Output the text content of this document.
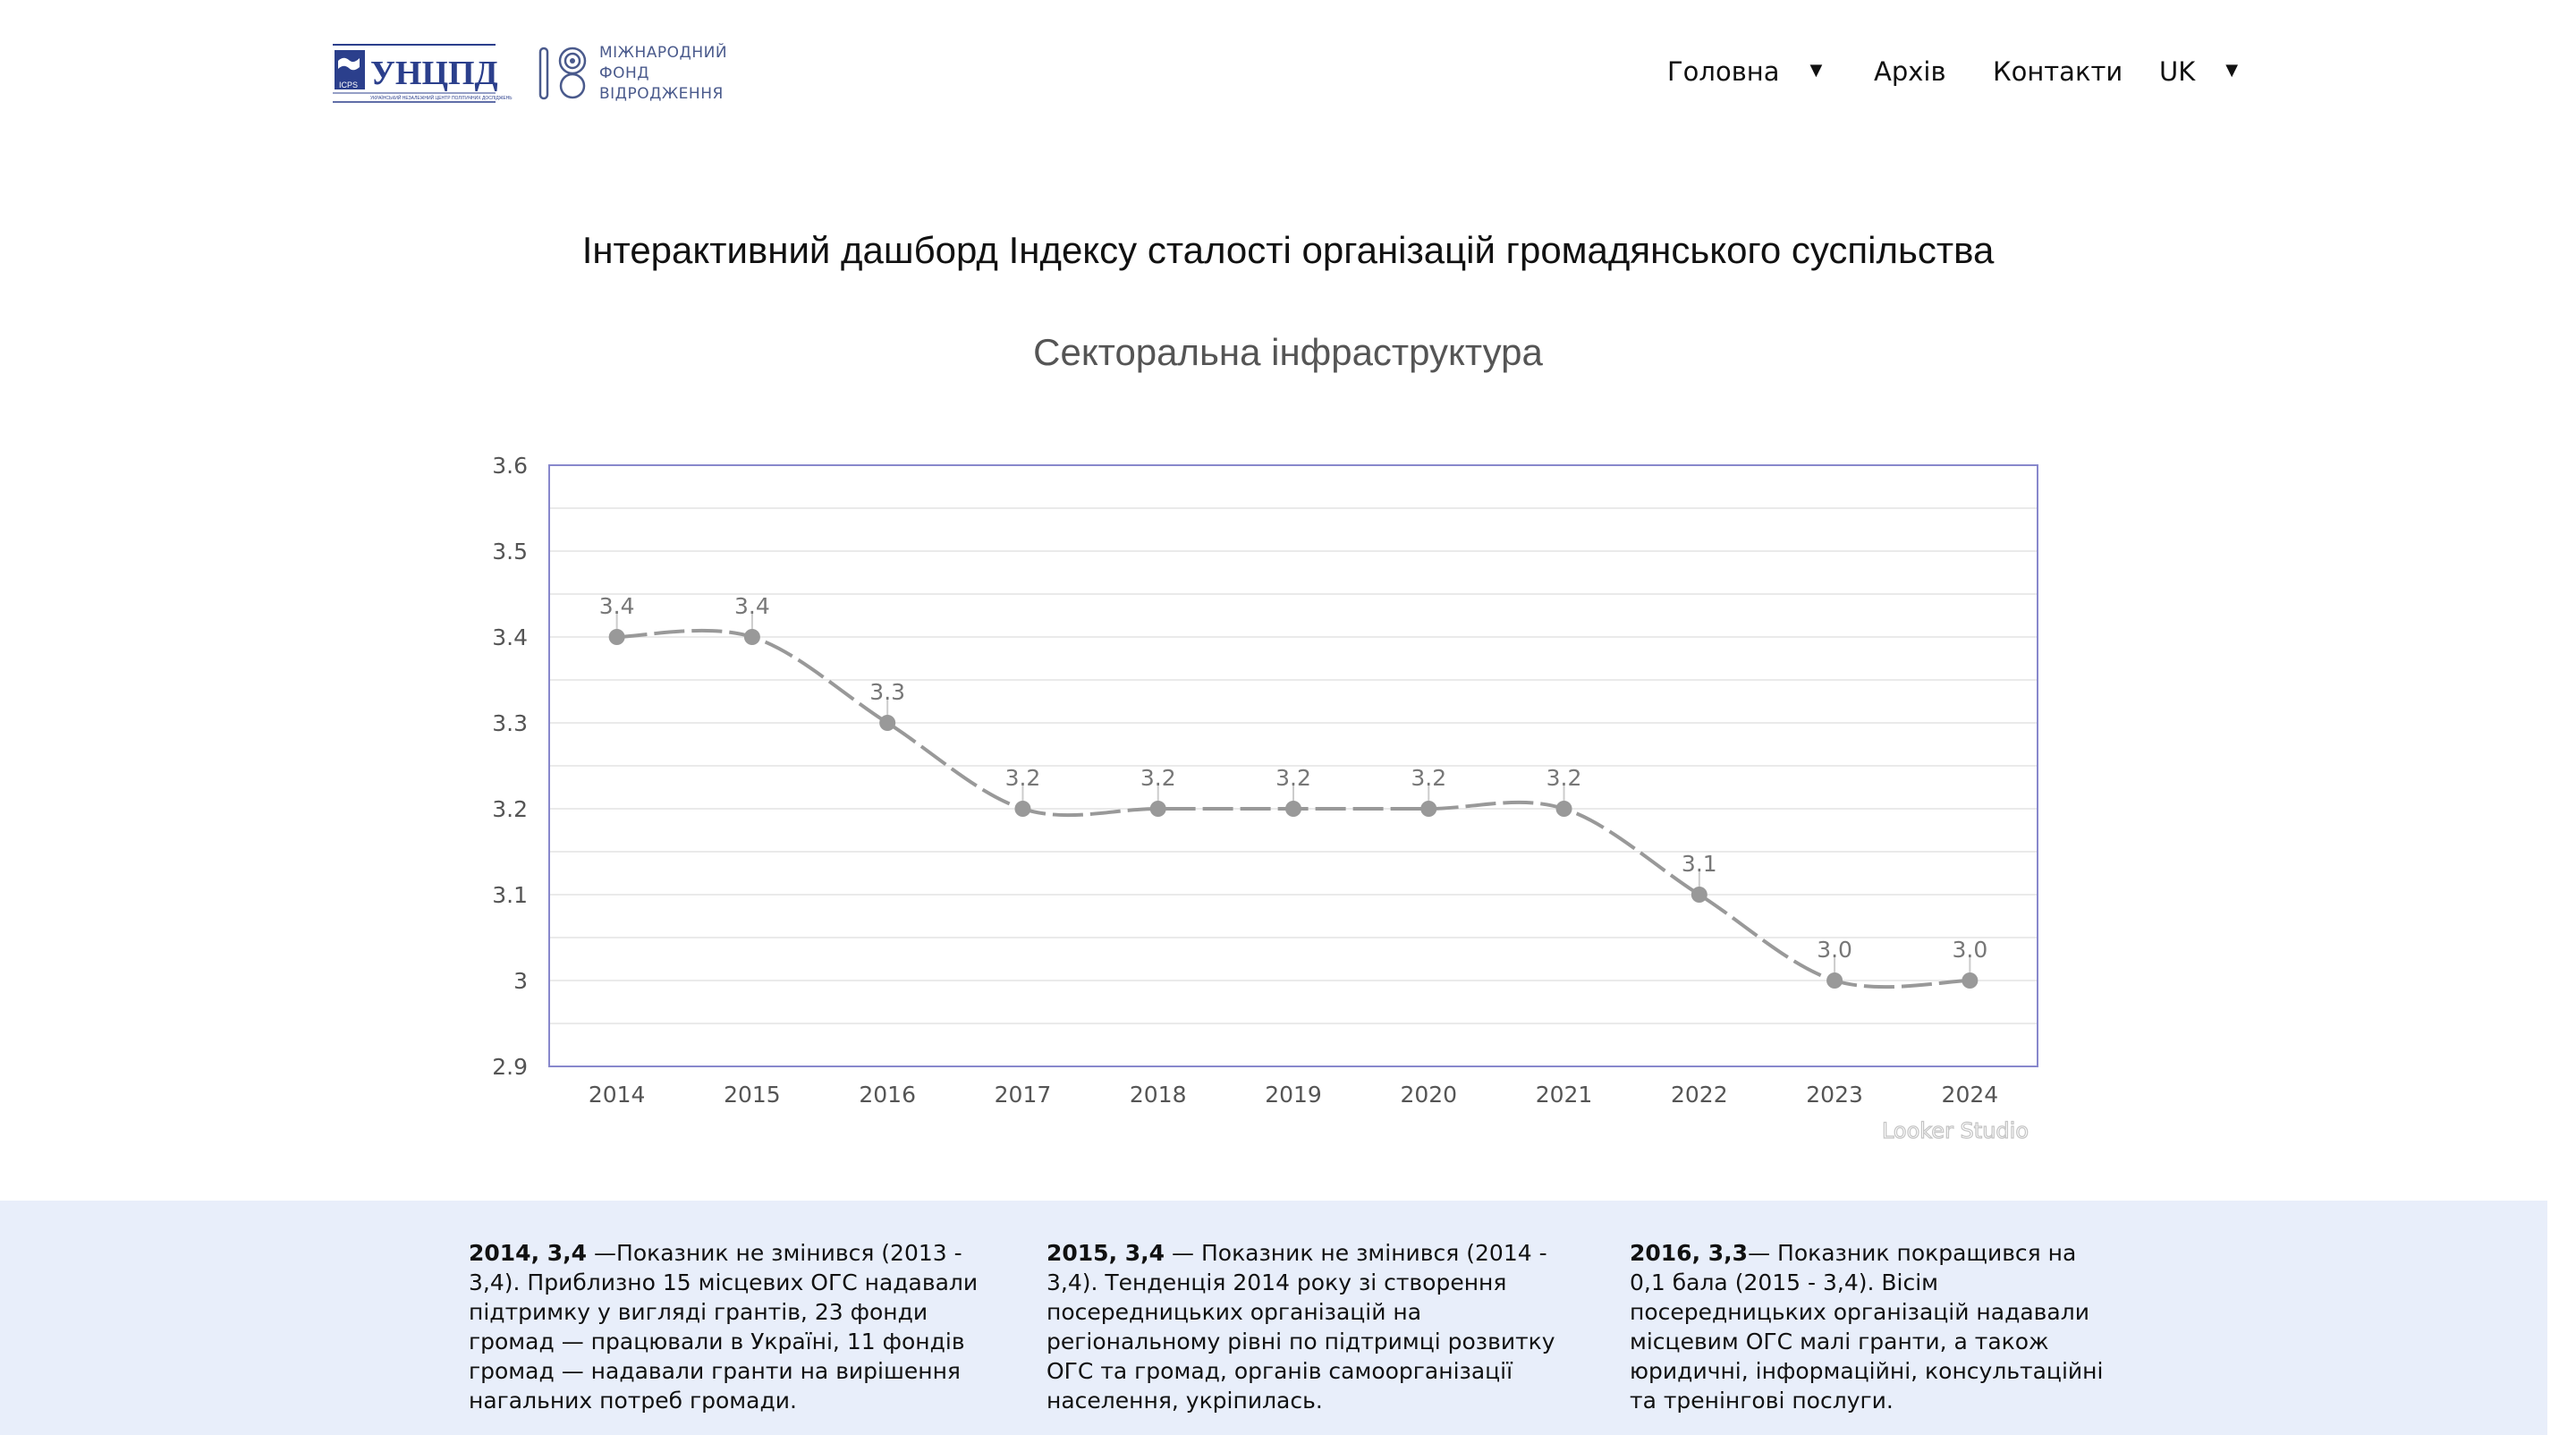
ICPS УНЦПД
УКРАЇНСЬКИЙ НЕЗАЛЕЖНИЙ ЦЕНТР ПОЛІТИЧНИХ ДОСЛІДЖЕНЬ
МІЖНАРОДНИЙ
ФОНД
ВІДРОДЖЕННЯ
Головна ▼ Архів Контакти UK ▼
Інтерактивний дашборд Індексу сталості організацій громадянського суспільства
Секторальна інфраструктура
3.6
3.5
3.4
3.3
3.2
3.1
3
2.9
2014	2015	2016	2017	2018	2019	2020	2021	2022	2023	2024
3.4	3.4
3.3
3.2	3.2	3.2	3.2	3.2
3.1
3.0	3.0
Looker Studio
2014, 3,4 —Показник не змінився (2013 - 3,4). Приблизно 15 місцевих ОГС надавали підтримку у вигляді грантів, 23 фонди громад — працювали в Україні, 11 фондів громад — надавали гранти на вирішення нагальних потреб громади.
2015, 3,4 — Показник не змінився (2014 - 3,4). Тенденція 2014 року зі створення посередницьких організацій на регіональному рівні по підтримці розвитку ОГС та громад, органів самоорганізації населення, укріпилась.
2016, 3,3— Показник покращився на 0,1 бала (2015 - 3,4). Вісім посередницьких організацій надавали місцевим ОГС малі гранти, а також юридичні, інформаційні, консультаційні та тренінгові послуги.
